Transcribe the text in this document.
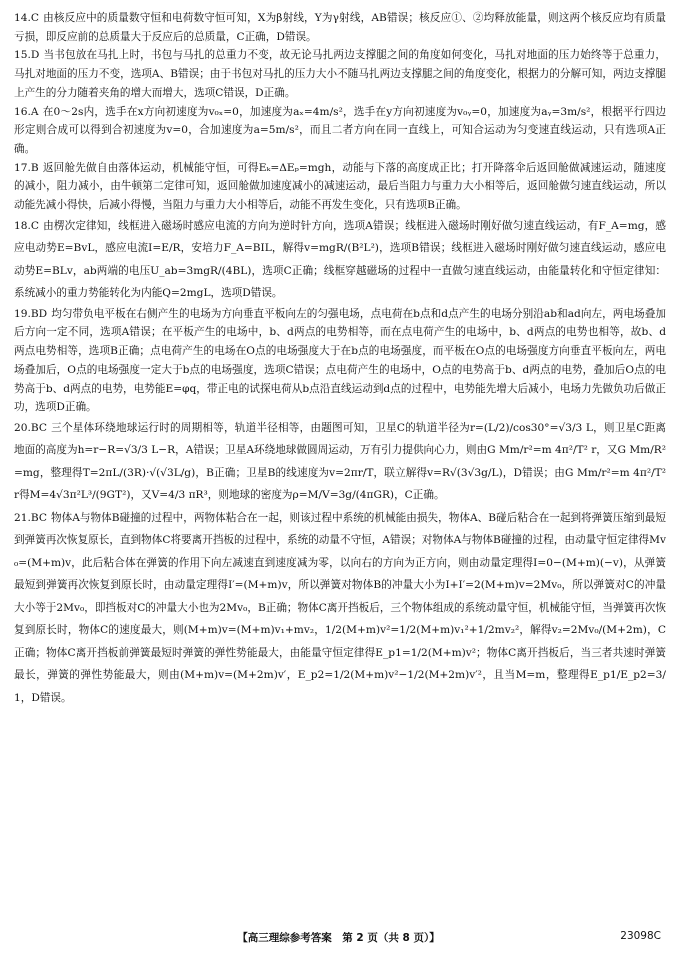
14.C 由核反应中的质量数守恒和电荷数守恒可知，X为β射线，Y为γ射线，AB错误；核反应①、②均释放能量，则这两个核反应均有质量亏损，即反应前的总质量大于反应后的总质量，C正确，D错误。

15.D 当书包放在马扎上时，书包与马扎的总重力不变，故无论马扎两边支撑腿之间的角度如何变化，马扎对地面的压力始终等于总重力，马扎对地面的压力不变，选项A、B错误；由于书包对马扎的压力大小不随马扎两边支撑腿之间的角度变化，根据力的分解可知，两边支撑腿上产生的分力随着夹角的增大而增大，选项C错误，D正确。

16.A 在0～2s内，选手在x方向初速度为v₀ₓ=0，加速度为aₓ=4m/s²，选手在y方向初速度为v₀ᵧ=0，加速度为aᵧ=3m/s²，根据平行四边形定则合成可以得到合初速度为v=0，合加速度为a=5m/s²，而且二者方向在同一直线上，可知合运动为匀变速直线运动，只有选项A正确。

17.B 返回舱先做自由落体运动，机械能守恒，可得Eₖ=ΔEₚ=mgh，动能与下落的高度成正比；打开降落伞后返回舱做减速运动，随速度的减小，阻力减小，由牛顿第二定律可知，返回舱做加速度减小的减速运动，最后当阻力与重力大小相等后，返回舱做匀速直线运动，所以动能先减小得快，后减小得慢，当阻力与重力大小相等后，动能不再发生变化，只有选项B正确。

18.C 由楞次定律知，线框进入磁场时感应电流的方向为逆时针方向，选项A错误；线框进入磁场时刚好做匀速直线运动，有F_A=mg，感应电动势E=BvL，感应电流I=E/R，安培力F_A=BIL，解得v=mgR/(B²L²)，选项B错误；线框进入磁场时刚好做匀速直线运动，感应电动势E=BLv，ab两端的电压U_ab=3mgR/(4BL)，选项C正确；线框穿越磁场的过程中一直做匀速直线运动，由能量转化和守恒定律知：系统减小的重力势能转化为内能Q=2mgL，选项D错误。

19.BD 均匀带负电平板在右侧产生的电场为方向垂直平板向左的匀强电场，点电荷在b点和d点产生的电场分别沿ab和ad向左，两电场叠加后方向一定不同，选项A错误；在平板产生的电场中，b、d两点的电势相等，而在点电荷产生的电场中，b、d两点的电势也相等，故b、d两点电势相等，选项B正确；点电荷产生的电场在O点的电场强度大于在b点的电场强度，而平板在O点的电场强度方向垂直平板向左，两电场叠加后，O点的电场强度一定大于b点的电场强度，选项C错误；点电荷产生的电场中，O点的电势高于b、d两点的电势，叠加后O点的电势高于b、d两点的电势，电势能E=φq，带正电的试探电荷从b点沿直线运动到d点的过程中，电势能先增大后减小，电场力先做负功后做正功，选项D正确。

20.BC 三个星体环绕地球运行时的周期相等，轨道半径相等，由题图可知，卫星C的轨道半径为r=(L/2)/cos30°=√3/3 L，则卫星C距离地面的高度为h=r−R=√3/3 L−R，A错误；卫星A环绕地球做圆周运动，万有引力提供向心力，则由G Mm/r²=m 4π²/T² r，又G Mm/R²=mg，整理得T=2πL/(3R)·√(√3L/g)，B正确；卫星B的线速度为v=2πr/T，联立解得v=R√(3√3g/L)，D错误；由G Mm/r²=m 4π²/T² r得M=4√3π²L³/(9GT²)，又V=4/3 πR³，则地球的密度为ρ=M/V=3g/(4πGR)，C正确。

21.BC 物体A与物体B碰撞的过程中，两物体粘合在一起，则该过程中系统的机械能由损失，物体A、B碰后粘合在一起到将弹簧压缩到最短到弹簧再次恢复原长，直到物体C将要离开挡板的过程中，系统的动量不守恒，A错误；对物体A与物体B碰撞的过程，由动量守恒定律得Mv₀=(M+m)v，此后粘合体在弹簧的作用下向左减速直到速度减为零，以向右的方向为正方向，则由动量定理得I=0−(M+m)(−v)，从弹簧最短到弹簧再次恢复到原长时，由动量定理得I′=(M+m)v，所以弹簧对物体B的冲量大小为I+I′=2(M+m)v=2Mv₀，所以弹簧对C的冲量大小等于2Mv₀，即挡板对C的冲量大小也为2Mv₀，B正确；物体C离开挡板后，三个物体组成的系统动量守恒，机械能守恒，当弹簧再次恢复到原长时，物体C的速度最大，则(M+m)v=(M+m)v₁+mv₂，1/2(M+m)v²=1/2(M+m)v₁²+1/2mv₂²，解得v₂=2Mv₀/(M+2m)，C正确；物体C离开挡板前弹簧最短时弹簧的弹性势能最大，由能量守恒定律得E_p1=1/2(M+m)v²；物体C离开挡板后，当三者共速时弹簧最长，弹簧的弹性势能最大，则由(M+m)v=(M+2m)v′，E_p2=1/2(M+m)v²−1/2(M+2m)v′²，且当M=m，整理得E_p1/E_p2=3/1，D错误。

【高三理综参考答案　第 2 页（共 8 页）】	23098C
